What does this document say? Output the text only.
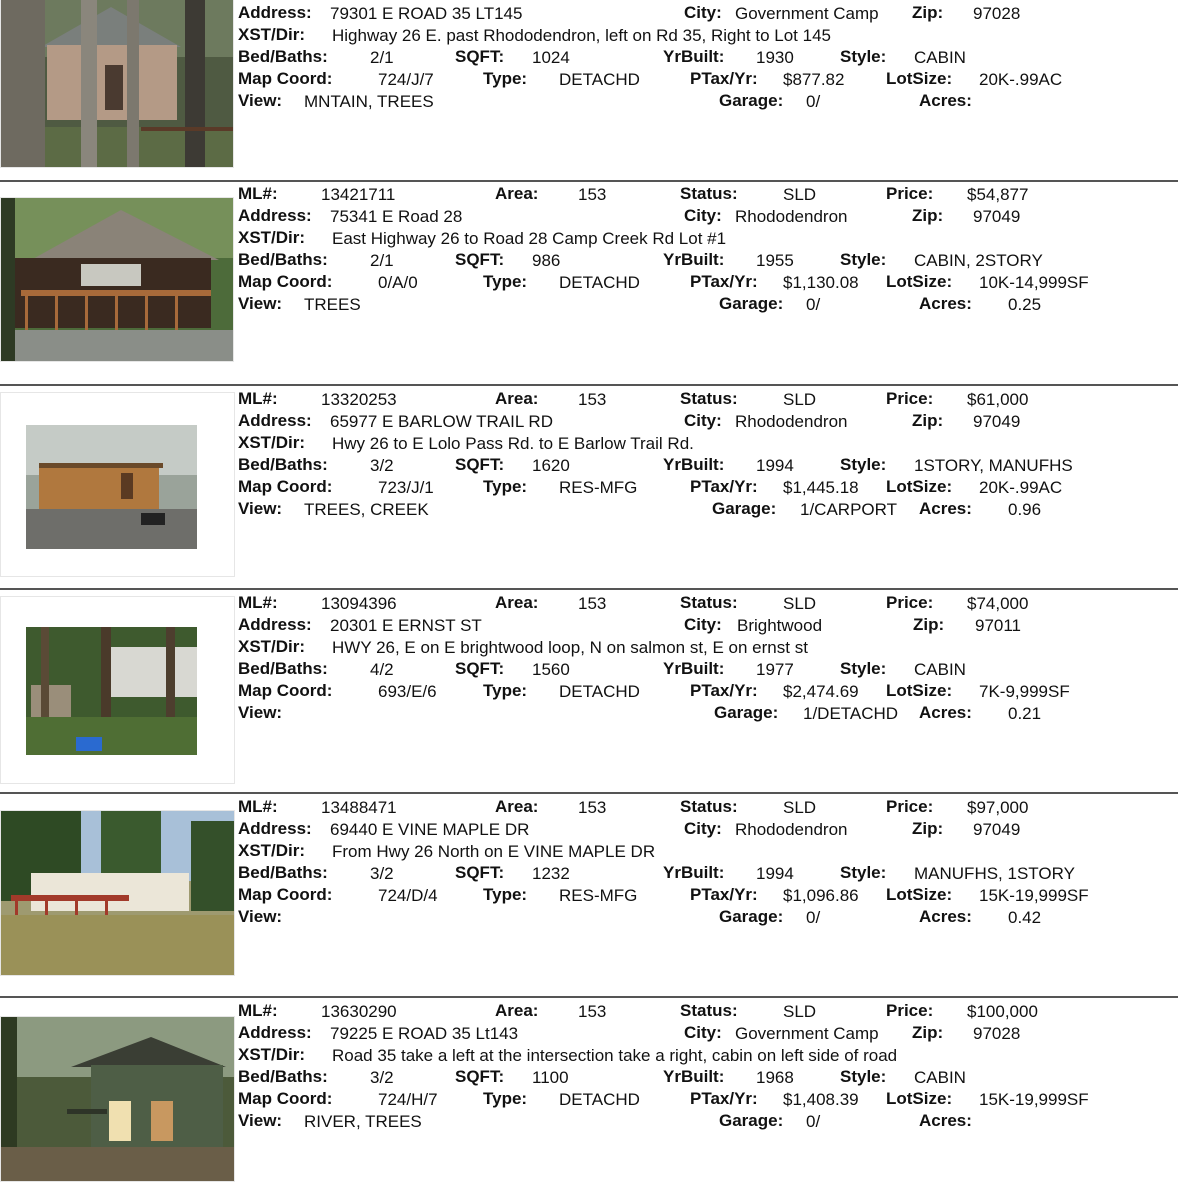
Address: 79301 E ROAD 35 LT145	City: Government Camp Zip: 97028
XST/Dir: Highway 26 E. past Rhododendron, left on Rd 35, Right to Lot 145
Bed/Baths: 2/1	SQFT: 1024	YrBuilt: 1930	Style: CABIN
Map Coord:	724/J/7	Type: DETACHD	PTax/Yr: $877.82 LotSize: 20K-.99AC
View: MNTAIN, TREES	Garage: 0/	Acres:
ML#:	13421711	Area: 153	Status:	SLD	Price: $54,877
Address: 75341 E Road 28	City: Rhododendron	Zip: 97049
XST/Dir: East Highway 26 to Road 28 Camp Creek Rd Lot #1
Bed/Baths: 2/1	SQFT: 986	YrBuilt: 1955	Style: CABIN, 2STORY
Map Coord:	0/A/0	Type: DETACHD	PTax/Yr: $1,130.08 LotSize: 10K-14,999SF
View: TREES	Garage: 0/	Acres: 0.25
ML#:	13320253	Area: 153	Status:	SLD	Price: $61,000
Address: 65977 E BARLOW TRAIL RD	City: Rhododendron	Zip: 97049
XST/Dir: Hwy 26 to E Lolo Pass Rd. to E Barlow Trail Rd.
Bed/Baths: 3/2	SQFT: 1620	YrBuilt: 1994	Style: 1STORY, MANUFHS
Map Coord:	723/J/1	Type: RES-MFG	PTax/Yr: $1,445.18 LotSize: 20K-.99AC
View: TREES, CREEK	Garage: 1/CARPORT Acres: 0.96
ML#:	13094396	Area: 153	Status:	SLD	Price: $74,000
Address: 20301 E ERNST ST	City: Brightwood	Zip: 97011
XST/Dir: HWY 26, E on E brightwood loop, N on salmon st, E on ernst st
Bed/Baths: 4/2	SQFT: 1560	YrBuilt: 1977	Style: CABIN
Map Coord:	693/E/6	Type: DETACHD	PTax/Yr: $2,474.69 LotSize: 7K-9,999SF
View:	Garage: 1/DETACHD Acres: 0.21
ML#:	13488471	Area: 153	Status:	SLD	Price: $97,000
Address: 69440 E VINE MAPLE DR	City: Rhododendron	Zip: 97049
XST/Dir: From Hwy 26 North on E VINE MAPLE DR
Bed/Baths: 3/2	SQFT: 1232	YrBuilt: 1994	Style: MANUFHS, 1STORY
Map Coord:	724/D/4	Type: RES-MFG	PTax/Yr: $1,096.86 LotSize: 15K-19,999SF
View:	Garage: 0/	Acres: 0.42
ML#:	13630290	Area: 153	Status:	SLD	Price: $100,000
Address: 79225 E ROAD 35 Lt143	City: Government Camp Zip: 97028
XST/Dir: Road 35 take a left at the intersection take a right, cabin on left side of road
Bed/Baths: 3/2	SQFT: 1100	YrBuilt: 1968	Style: CABIN
Map Coord:	724/H/7	Type: DETACHD	PTax/Yr: $1,408.39 LotSize: 15K-19,999SF
View: RIVER, TREES	Garage: 0/	Acres:
